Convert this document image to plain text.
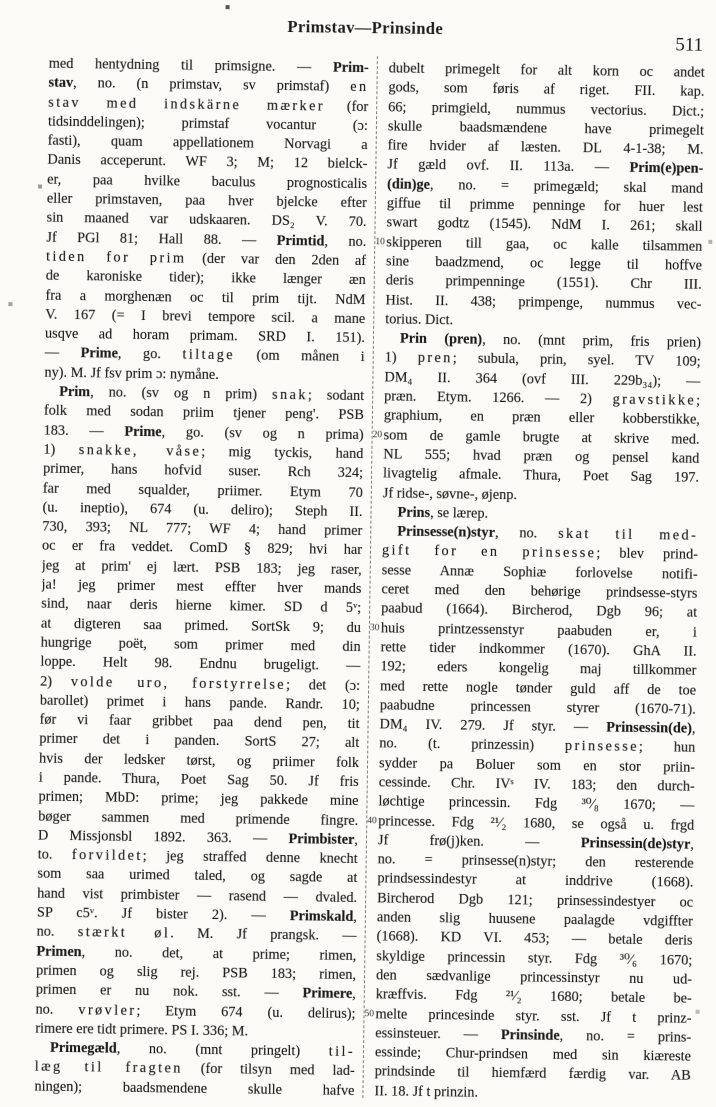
Primstav—Prinsinde
511
med hentydning til primsigne. — Prim-
stav, no. (n primstav, sv primstaf) en
stav med indskärne mærker (for
tidsinddelingen); primstaf vocantur (ɔ:
fasti), quam appellationem Norvagi a
Danis acceperunt. WF 3; M; 12 bielck-
er, paa hvilke baculus prognosticalis
eller primstaven, paa hver bjelcke efter
sin maaned var udskaaren. DS₂ V. 70.
Jf PGl 81; Hall 88. — Primtid, no.
tiden for prim (der var den 2den af
de karoniske tider); ikke længer æn
fra a morghenæn oc til prim tijt. NdM
V. 167 (= I brevi tempore scil. a mane
usqve ad horam primam. SRD I. 151).
— Prime, go. tiltage (om månen i
ny). M. Jf fsv prim ɔ: nymåne.
Prim, no. (sv og n prim) snak; sodant
folk med sodan priim tjener peng'. PSB
183. — Prime, go. (sv og n prima)
1) snakke, våse; mig tyckis, hand
primer, hans hofvid suser. Rch 324;
far med squalder, priimer. Etym 70
(u. ineptio), 674 (u. deliro); Steph II.
730, 393; NL 777; WF 4; hand primer
oc er fra veddet. ComD § 829; hvi har
jeg at prim' ej lært. PSB 183; jeg raser,
ja! jeg primer mest effter hver mands
sind, naar deris hierne kimer. SD d 5ᵛ;
at digteren saa primed. SortSk 9; du
hungrige poët, som primer med din
loppe. Helt 98. Endnu brugeligt. —
2) volde uro, forstyrrelse; det (ɔ:
barollet) primet i hans pande. Randr. 10;
før vi faar gribbet paa dend pen, tit
primer det i panden. SortS 27; alt
hvis der ledsker tørst, og priimer folk
i pande. Thura, Poet Sag 50. Jf fris
primen; MbD: prime; jeg pakkede mine
bøger sammen med primende fingre.
D Missjonsbl 1892. 363. — Primbister,
to. forvildet; jeg straffed denne knecht
som saa urimed taled, og sagde at
hand vist primbister — rasend — dvaled.
SP c5ᵛ. Jf bister 2). — Primskald,
no. stærkt øl. M. Jf prangsk. —
Primen, no. det, at prime; rimen,
primen og slig rej. PSB 183; rimen,
primen er nu nok. sst. — Primere,
no. vrøvler; Etym 674 (u. delirus);
rimere ere tidt primere. PS I. 336; M.
Primegæld, no. (mnt pringelt) til-
læg til fragten (for tilsyn med lad-
ningen); baadsmendene skulle hafve
dubelt primegelt for alt korn oc andet
gods, som føris af riget. FII. kap.
66; primgield, nummus vectorius. Dict.;
skulle baadsmændene have primegelt
fire hvider af læsten. DL 4-1-38; M.
Jf gæld ovf. II. 113a. — Prim(e)pen-
(din)ge, no. = primegæld; skal mand
giffue til primme penninge for huer lest
swart godtz (1545). NdM I. 261; skall
skipperen till gaa, oc kalle tilsammen
sine baadzmend, oc legge til hoffve
deris primpenninge (1551). Chr III.
Hist. II. 438; primpenge, nummus vec-
torius. Dict.
Prin (pren), no. (mnt prim, fris prien)
1) pren; subula, prin, syel. TV 109;
DM₄ II. 364 (ovf III. 229b₃₄); —
præn. Etym. 1266. — 2) gravstikke;
graphium, en præn eller kobberstikke,
som de gamle brugte at skrive med.
NL 555; hvad præn og pensel kand
livagtelig afmale. Thura, Poet Sag 197.
Jf ridse-, søvne-, øjenp.
Prins, se lærep.
Prinsesse(n)styr, no. skat til med-
gift for en prinsesse; blev prind-
sesse Annæ Sophiæ forlovelse notifi-
ceret med den behørige prindsesse-styrs
paabud (1664). Bircherod, Dgb 96; at
huis printzessenstyr paabuden er, i
rette tider indkommer (1670). GhA II.
192; eders kongelig maj tillkommer
med rette nogle tønder guld aff de toe
paabudne princessen styrer (1670-71).
DM₄ IV. 279. Jf styr. — Prinsessin(de),
no. (t. prinzessin) prinsesse; hun
sydder pa Boluer som en stor priin-
cessinde. Chr. IVˢ IV. 183; den durch-
løchtige princessin. Fdg ³⁰⁄₈ 1670; —
princesse. Fdg ²¹⁄₂ 1680, se også u. frgd
Jf frø(j)ken. — Prinsessin(de)styr,
no. = prinsesse(n)styr; den resterende
prindsessindestyr at inddrive (1668).
Bircherod Dgb 121; prinsessindestyer oc
anden slig huusene paalagde vdgiffter
(1668). KD VI. 453; — betale deris
skyldige princessin styr. Fdg ³⁰⁄₆ 1670;
den sædvanlige princessinstyr nu ud-
kræffvis. Fdg ²¹⁄₂ 1680; betale be-
melte princesinde styr. sst. Jf t prinz-
essinsteuer. — Prinsinde, no. = prins-
essinde; Chur-prindsen med sin kiæreste
prindsinde til hiemfærd færdig var. AB
II. 18. Jf t prinzin.
10
20
30
40
50
